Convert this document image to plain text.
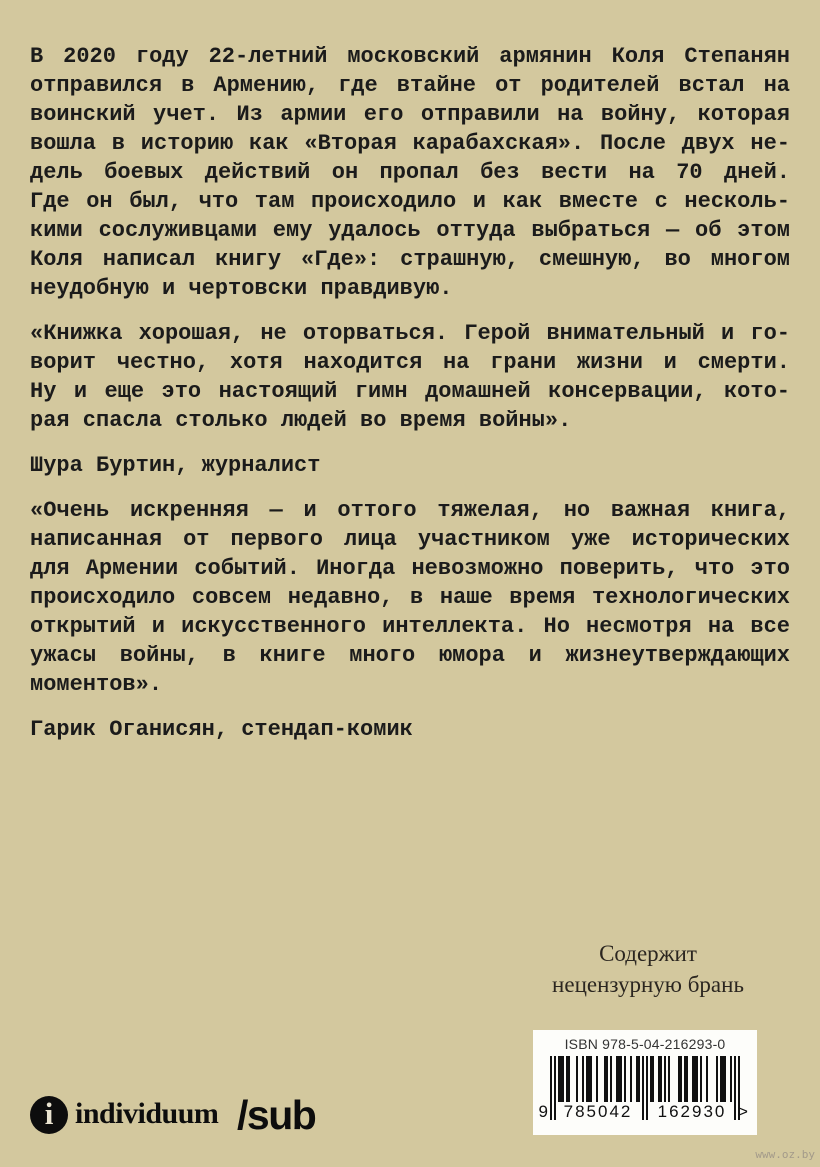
В 2020 году 22-летний московский армянин Коля Степанян
отправился в Армению, где втайне от родителей встал на
воинский учет. Из армии его отправили на войну, которая
вошла в историю как «Вторая карабахская». После двух не-
дель боевых действий он пропал без вести на 70 дней.
Где он был, что там происходило и как вместе с несколь-
кими сослуживцами ему удалось оттуда выбраться — об этом
Коля написал книгу «Где»: страшную, смешную, во многом
неудобную и чертовски правдивую.
«Книжка хорошая, не оторваться. Герой внимательный и го-
ворит честно, хотя находится на грани жизни и смерти.
Ну и еще это настоящий гимн домашней консервации, кото-
рая спасла столько людей во время войны».
Шура Буртин, журналист
«Очень искренняя — и оттого тяжелая, но важная книга,
написанная от первого лица участником уже исторических
для Армении событий. Иногда невозможно поверить, что это
происходило совсем недавно, в наше время технологических
открытий и искусственного интеллекта. Но несмотря на все
ужасы войны, в книге много юмора и жизнеутверждающих
моментов».
Гарик Оганисян, стендап-комик
Содержит
нецензурную брань
ISBN 978-5-04-216293-0
9 785042	162930 >
i individuum /sub
www.oz.by
